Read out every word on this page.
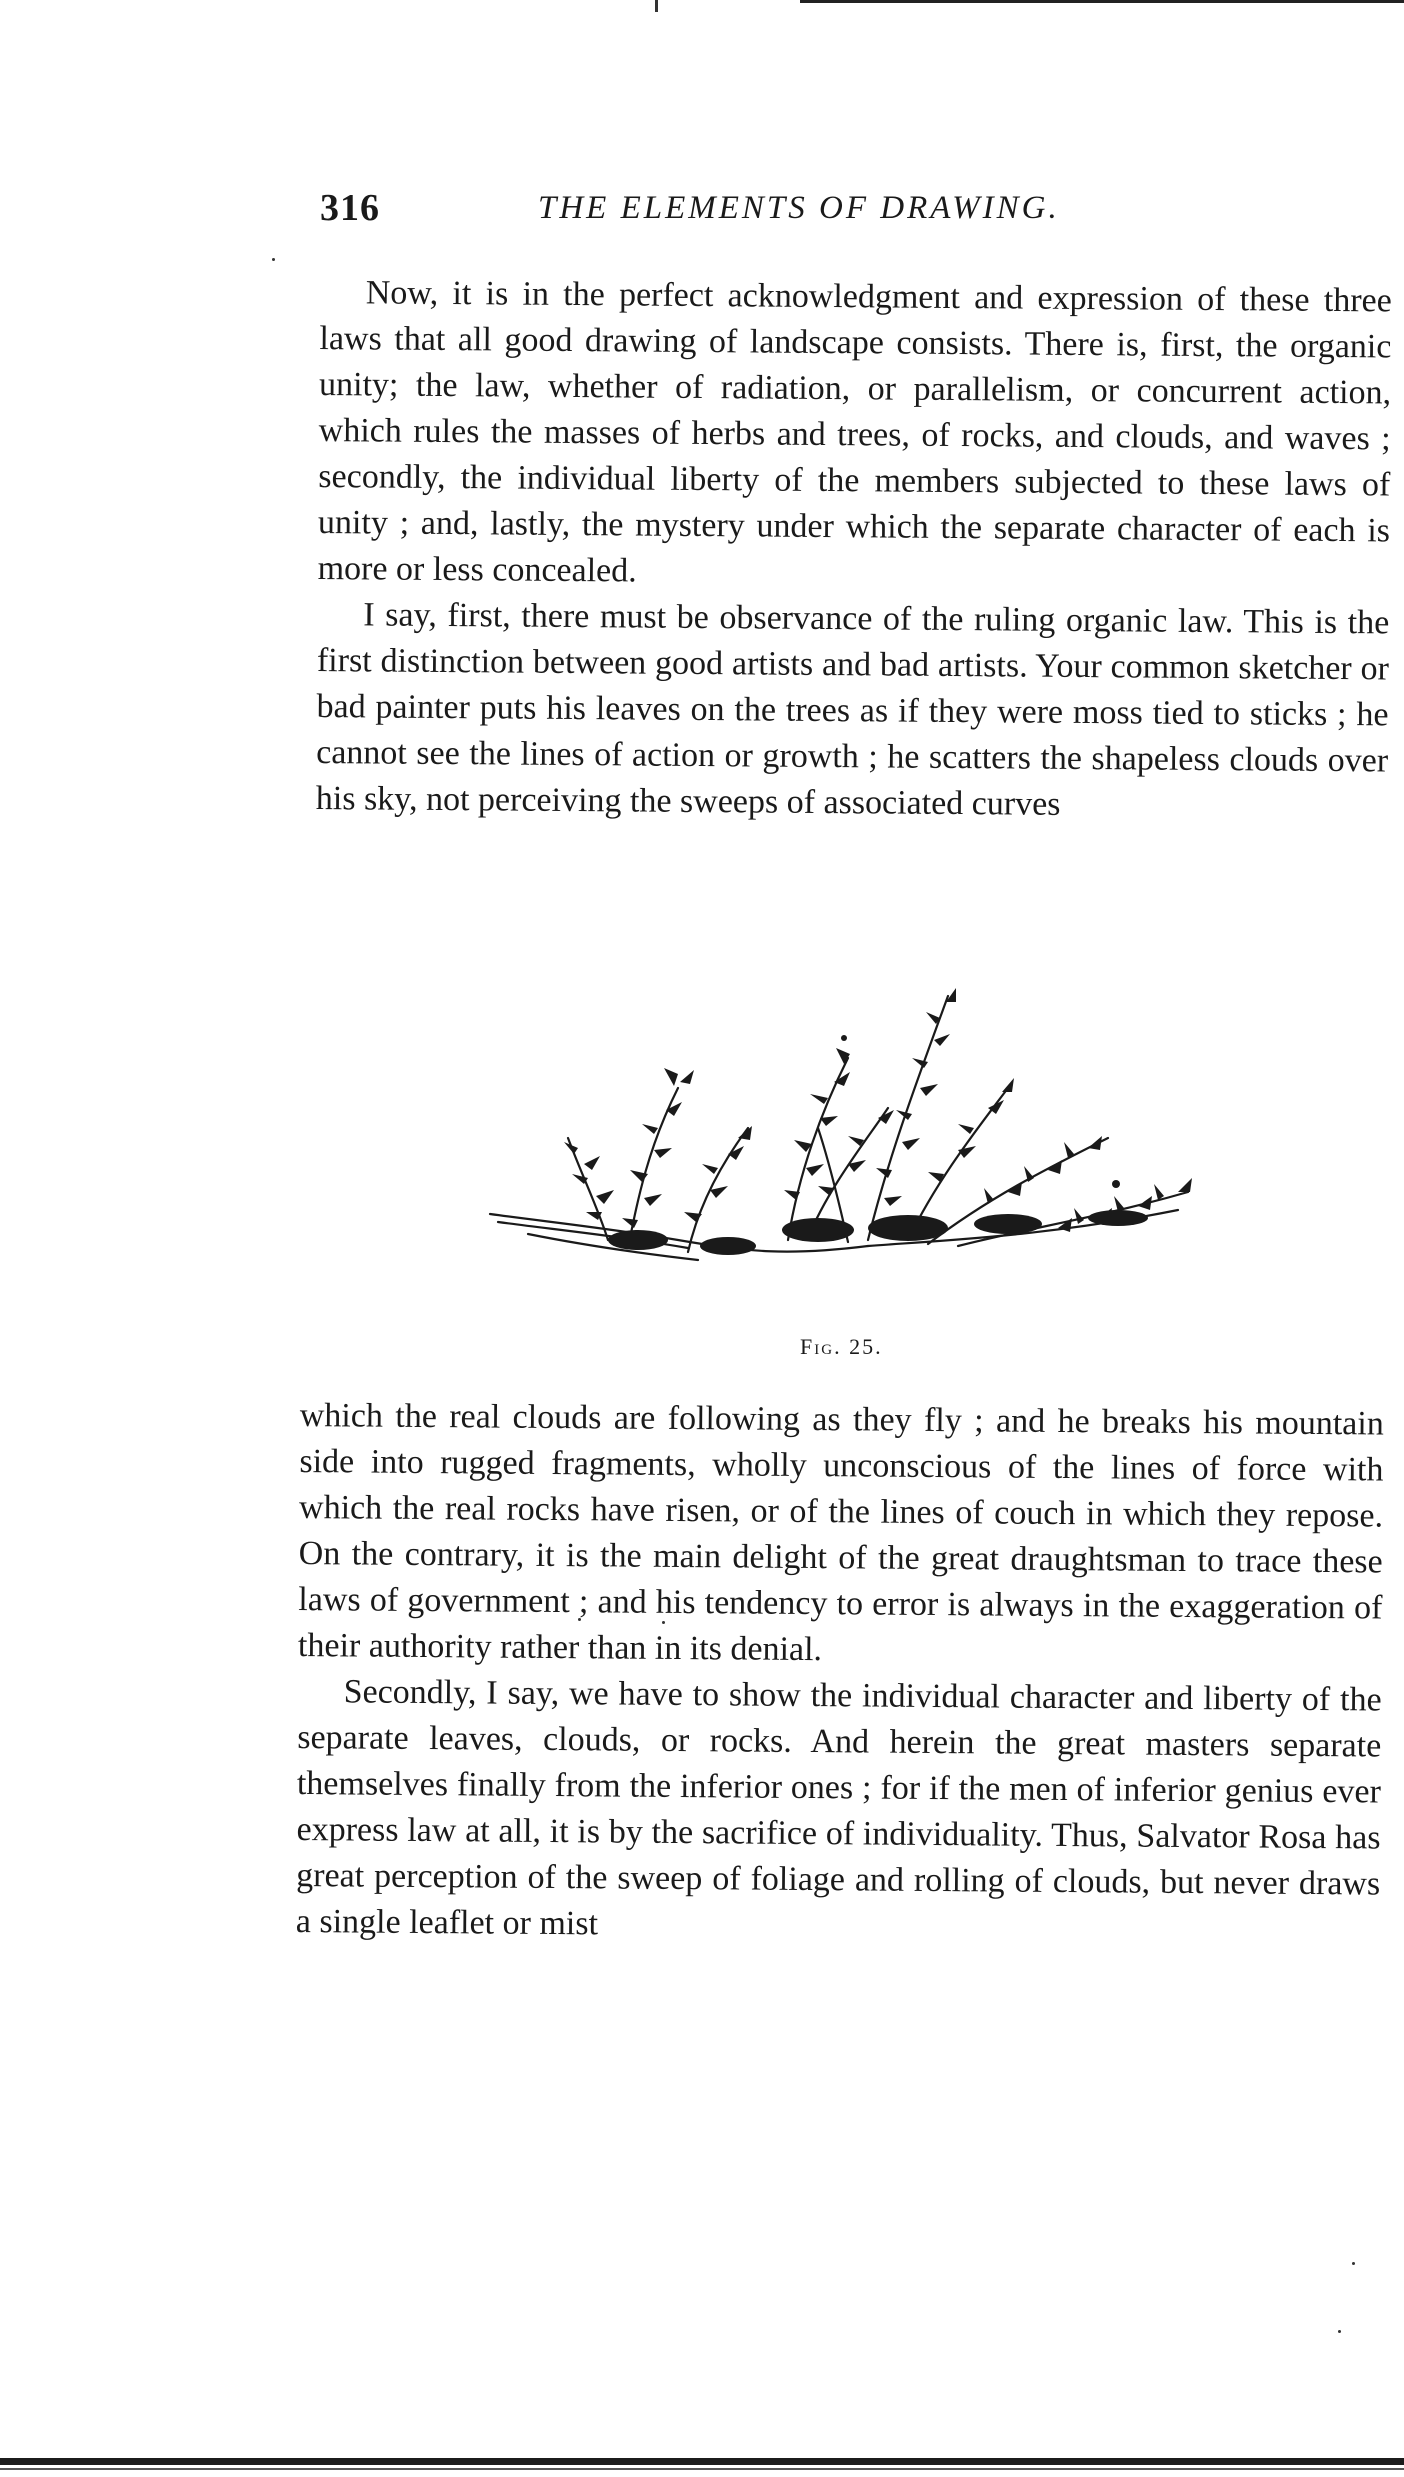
316	THE ELEMENTS OF DRAWING.

Now, it is in the perfect acknowledgment and expression of these three laws that all good drawing of landscape consists. There is, first, the organic unity; the law, whether of radiation, or parallelism, or concurrent action, which rules the masses of herbs and trees, of rocks, and clouds, and waves ; secondly, the individual liberty of the members subjected to these laws of unity ; and, lastly, the mystery under which the separate character of each is more or less concealed.

I say, first, there must be observance of the ruling organic law. This is the first distinction between good artists and bad artists. Your common sketcher or bad painter puts his leaves on the trees as if they were moss tied to sticks ; he cannot see the lines of action or growth ; he scatters the shapeless clouds over his sky, not perceiving the sweeps of associated curves

Fig. 25.

which the real clouds are following as they fly ; and he breaks his mountain side into rugged fragments, wholly unconscious of the lines of force with which the real rocks have risen, or of the lines of couch in which they repose. On the contrary, it is the main delight of the great draughtsman to trace these laws of government ; and his tendency to error is always in the exaggeration of their authority rather than in its denial.

Secondly, I say, we have to show the individual character and liberty of the separate leaves, clouds, or rocks. And herein the great masters separate themselves finally from the inferior ones ; for if the men of inferior genius ever express law at all, it is by the sacrifice of individuality. Thus, Salvator Rosa has great perception of the sweep of foliage and rolling of clouds, but never draws a single leaflet or mist
